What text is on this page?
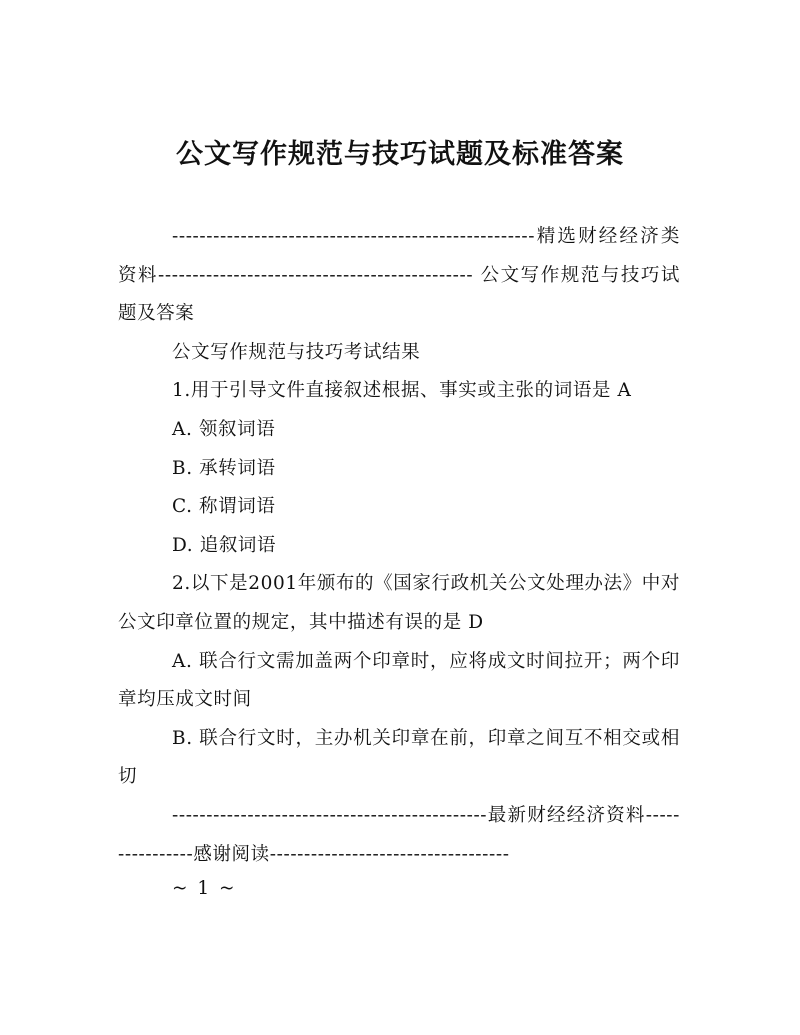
公文写作规范与技巧试题及标准答案

-----------------------------------------------------精选财经经济类资料---------------------------------------------- 公文写作规范与技巧试题及答案

公文写作规范与技巧考试结果

1.用于引导文件直接叙述根据、事实或主张的词语是 A

A. 领叙词语

B. 承转词语

C. 称谓词语

D. 追叙词语

2.以下是2001年颁布的《国家行政机关公文处理办法》中对公文印章位置的规定，其中描述有误的是 D

A. 联合行文需加盖两个印章时，应将成文时间拉开；两个印章均压成文时间

B. 联合行文时，主办机关印章在前，印章之间互不相交或相切

----------------------------------------------最新财经经济资料----------------感谢阅读-----------------------------------

~ 1 ~
